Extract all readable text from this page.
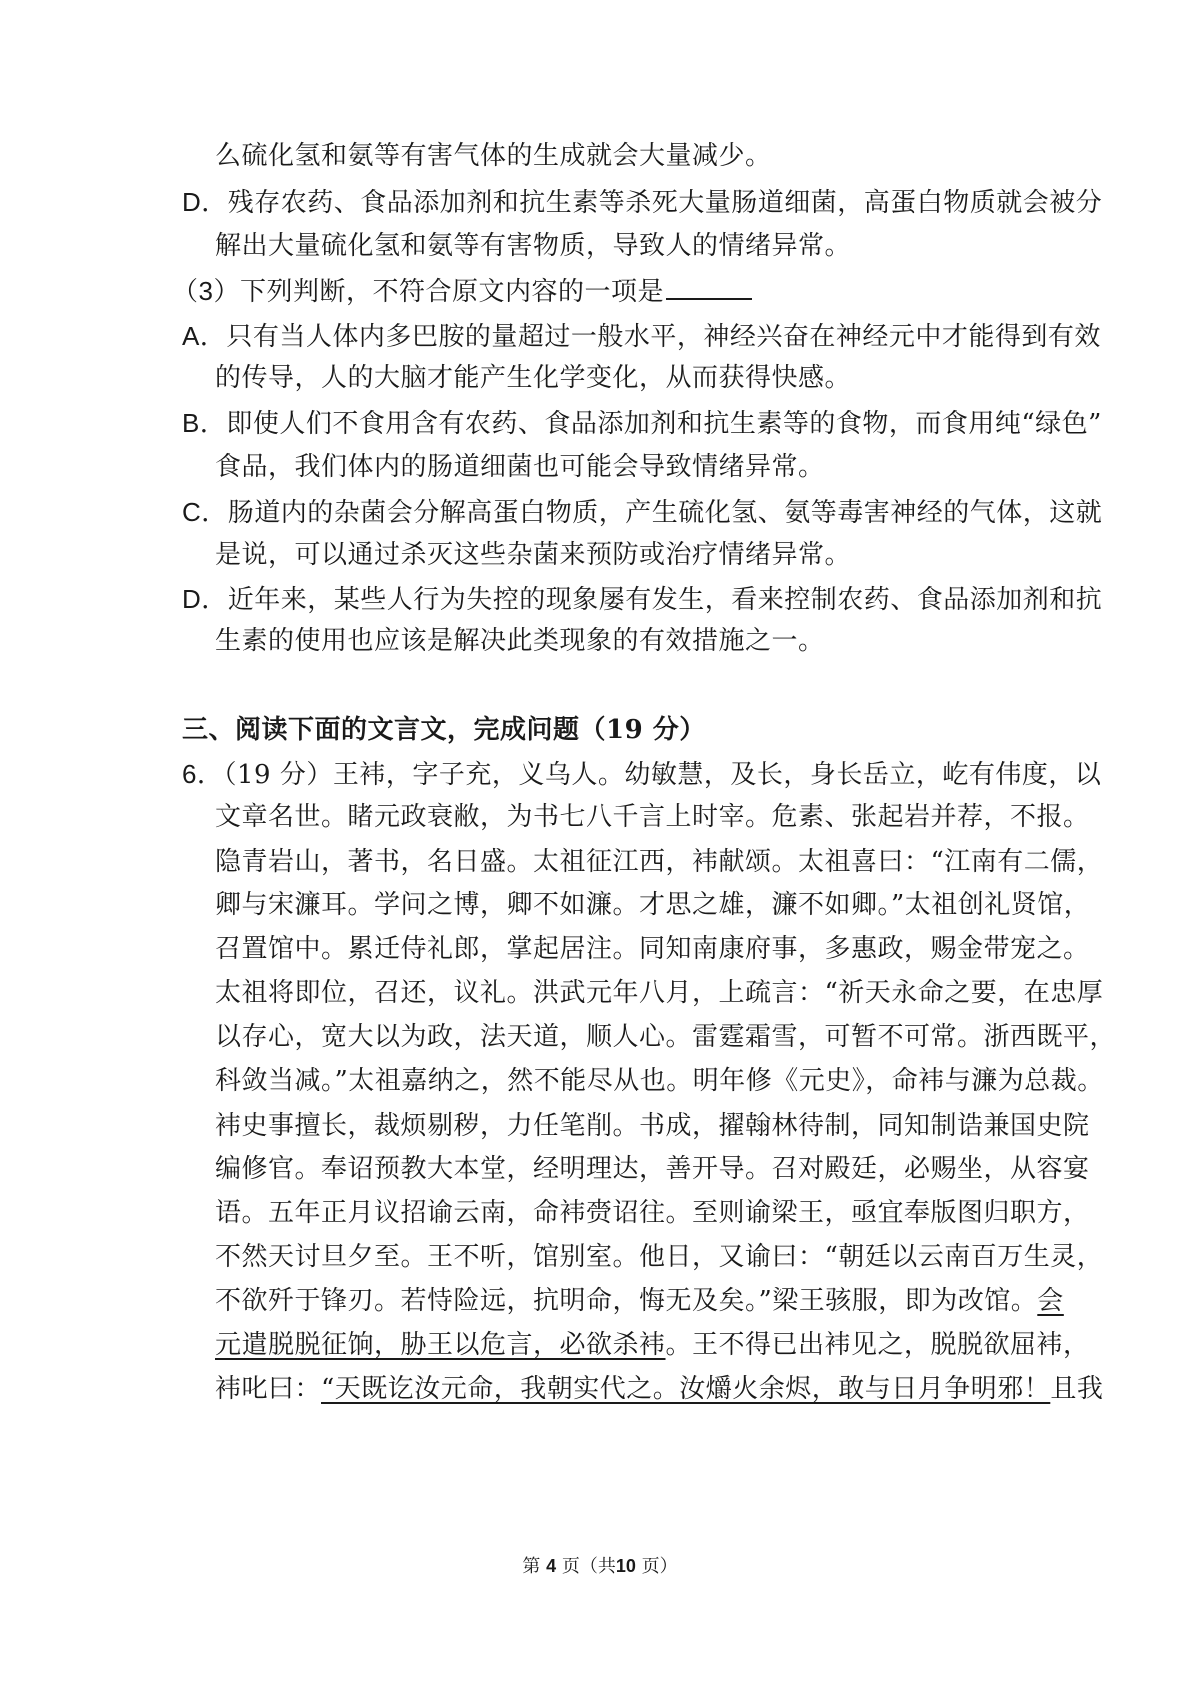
么硫化氢和氨等有害气体的生成就会大量减少。
D．残存农药、食品添加剂和抗生素等杀死大量肠道细菌，高蛋白物质就会被分
解出大量硫化氢和氨等有害物质，导致人的情绪异常。
（3）下列判断，不符合原文内容的一项是
A．只有当人体内多巴胺的量超过一般水平，神经兴奋在神经元中才能得到有效
的传导，人的大脑才能产生化学变化，从而获得快感。
B．即使人们不食用含有农药、食品添加剂和抗生素等的食物，而食用纯“绿色”
食品，我们体内的肠道细菌也可能会导致情绪异常。
C．肠道内的杂菌会分解高蛋白物质，产生硫化氢、氨等毒害神经的气体，这就
是说，可以通过杀灭这些杂菌来预防或治疗情绪异常。
D．近年来，某些人行为失控的现象屡有发生，看来控制农药、食品添加剂和抗
生素的使用也应该是解决此类现象的有效措施之一。
三、阅读下面的文言文，完成问题（19 分）
6．（19 分）王袆，字子充，义乌人。幼敏慧，及长，身长岳立，屹有伟度，以
文章名世。睹元政衰敝，为书七八千言上时宰。危素、张起岩并荐，不报。
隐青岩山，著书，名日盛。太祖征江西，袆献颂。太祖喜曰：“江南有二儒，
卿与宋濂耳。学问之博，卿不如濂。才思之雄，濂不如卿。”太祖创礼贤馆，
召置馆中。累迁侍礼郎，掌起居注。同知南康府事，多惠政，赐金带宠之。
太祖将即位，召还，议礼。洪武元年八月，上疏言：“祈天永命之要，在忠厚
以存心，宽大以为政，法天道，顺人心。雷霆霜雪，可暂不可常。浙西既平，
科敛当减。”太祖嘉纳之，然不能尽从也。明年修《元史》，命袆与濂为总裁。
袆史事擅长，裁烦剔秽，力任笔削。书成，擢翰林待制，同知制诰兼国史院
编修官。奉诏预教大本堂，经明理达，善开导。召对殿廷，必赐坐，从容宴
语。五年正月议招谕云南，命袆赍诏往。至则谕梁王，亟宜奉版图归职方，
不然天讨旦夕至。王不听，馆别室。他日，又谕曰：“朝廷以云南百万生灵，
不欲歼于锋刃。若恃险远，抗明命，悔无及矣。”梁王骇服，即为改馆。会
元遣脱脱征饷，胁王以危言，必欲杀袆。王不得已出袆见之，脱脱欲屈袆，
袆叱曰：“天既讫汝元命，我朝实代之。汝爝火余烬，敢与日月争明邪！且我
第 4 页（共10 页）
